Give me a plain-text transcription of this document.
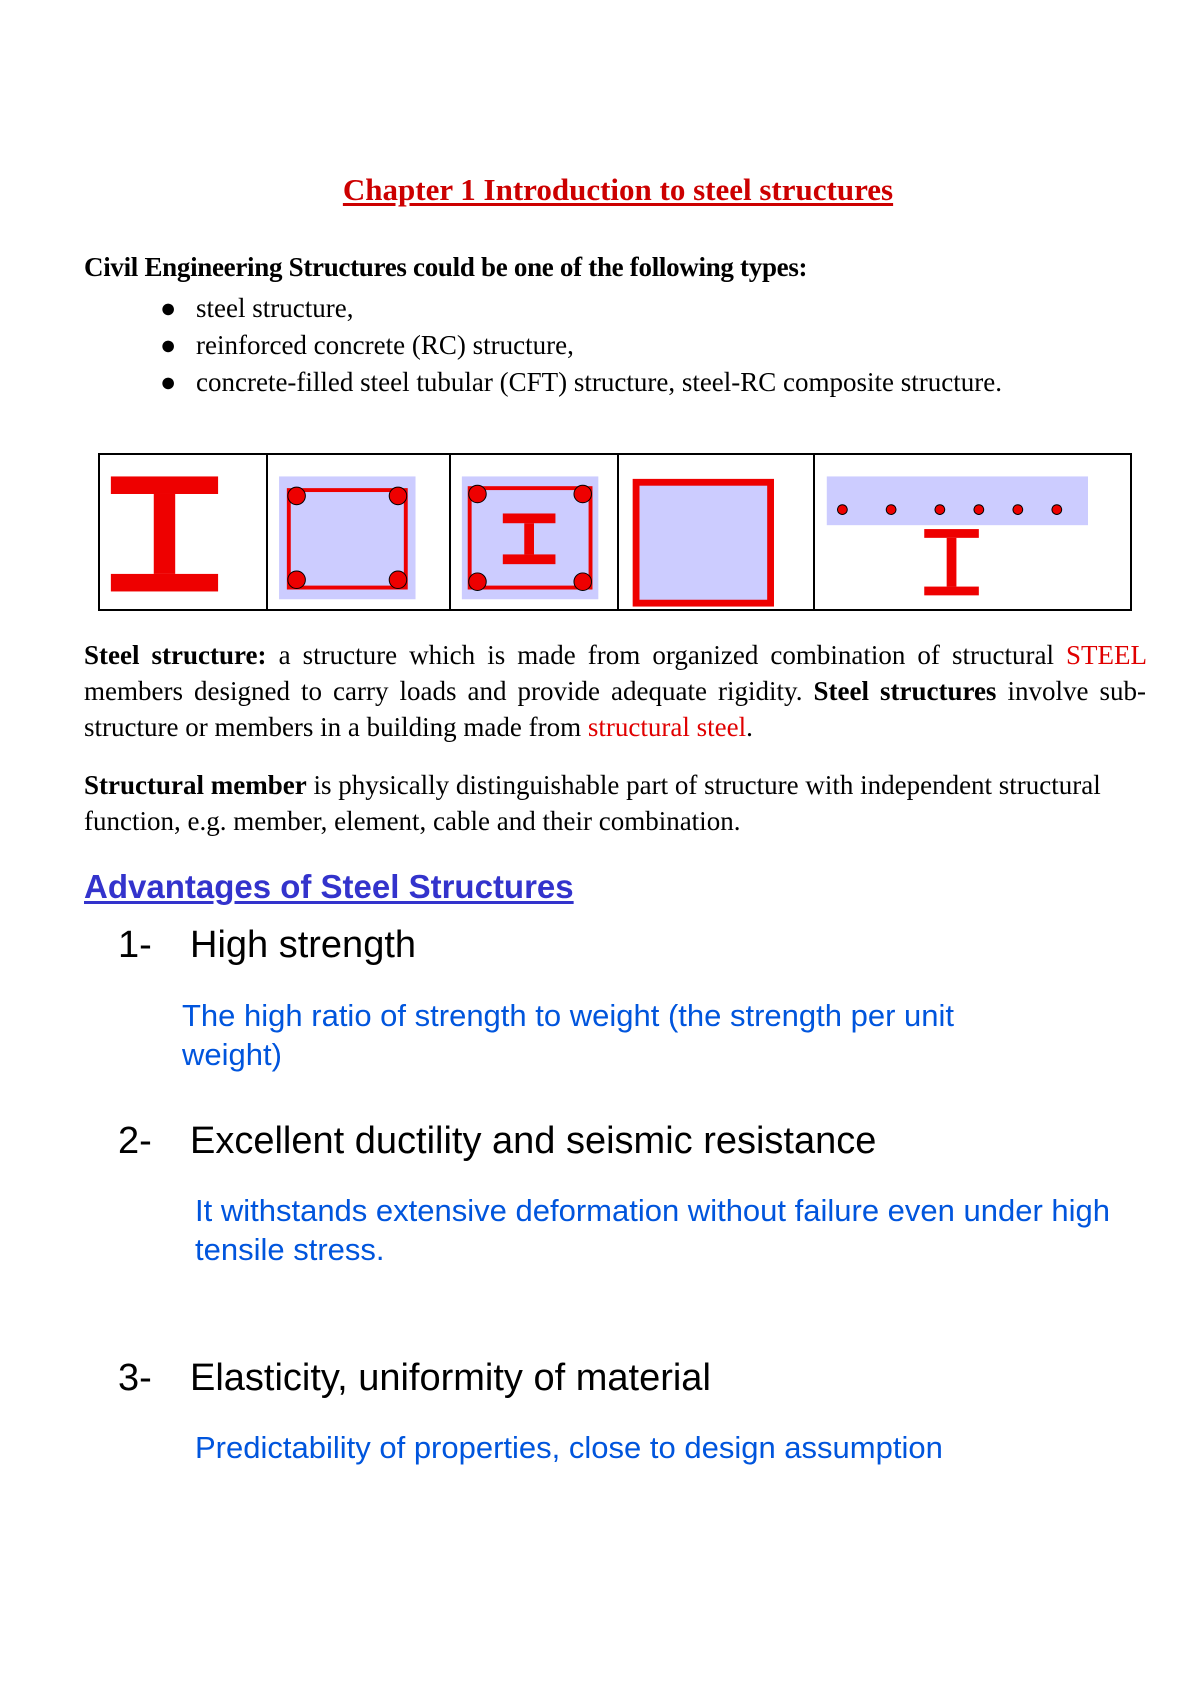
Chapter 1 Introduction to steel structures
Civil Engineering Structures could be one of the following types:
● steel structure,
● reinforced concrete (RC) structure,
● concrete-filled steel tubular (CFT) structure, steel-RC composite structure.
Steel structure: a structure which is made from organized combination of structural STEEL members designed to carry loads and provide adequate rigidity. Steel structures involve sub-structure or members in a building made from structural steel.
Structural member is physically distinguishable part of structure with independent structural function, e.g. member, element, cable and their combination.
Advantages of Steel Structures
1- High strength
The high ratio of strength to weight (the strength per unit weight)
2- Excellent ductility and seismic resistance
It withstands extensive deformation without failure even under high tensile stress.
3- Elasticity, uniformity of material
Predictability of properties, close to design assumption
